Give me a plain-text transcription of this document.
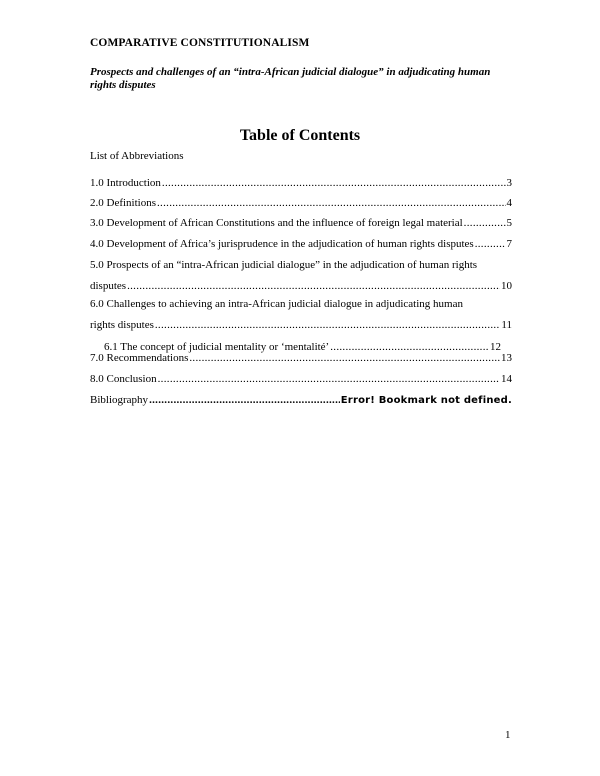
COMPARATIVE CONSTITUTIONALISM
Prospects and challenges of an “intra-African judicial dialogue” in adjudicating human rights disputes
Table of Contents
List of Abbreviations
1.0 Introduction .....	3
2.0 Definitions .....	4
3.0 Development of African Constitutions and the influence of foreign legal material .....	5
4.0 Development of Africa’s jurisprudence in the adjudication of human rights disputes .....	7
5.0 Prospects of an “intra-African judicial dialogue” in the adjudication of human rights
disputes .....	10
6.0 Challenges to achieving an intra-African judicial dialogue in adjudicating human
rights disputes .....	11
6.1 The concept of judicial mentality or ‘mentalité’ .....	12
7.0 Recommendations .....	13
8.0 Conclusion .....	14
Bibliography .....	Error! Bookmark not defined.
1
